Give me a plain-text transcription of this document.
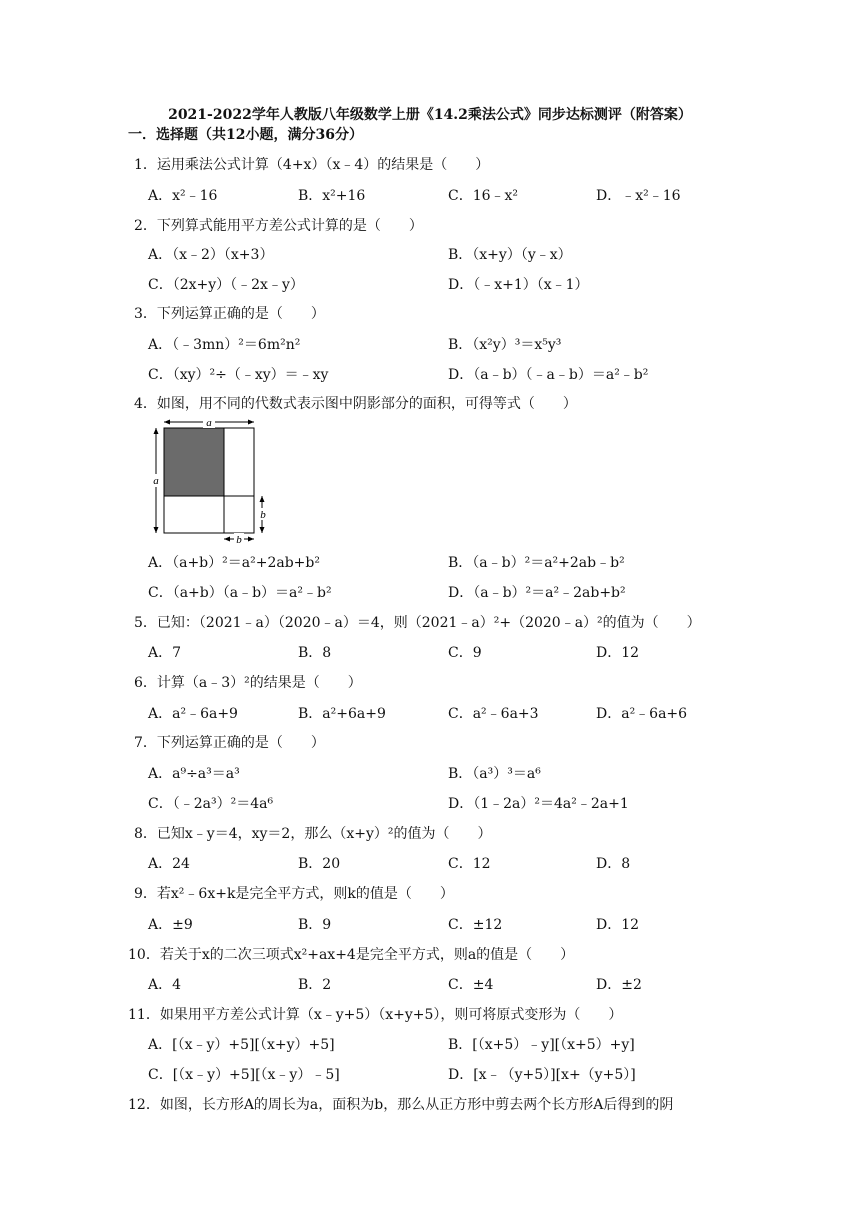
2021-2022学年人教版八年级数学上册《14.2乘法公式》同步达标测评（附答案）
一．选择题（共12小题，满分36分）
1．运用乘法公式计算（4+x）（x﹣4）的结果是（　　）
A．x²﹣16	B．x²+16	C．16﹣x²	D．﹣x²﹣16
2．下列算式能用平方差公式计算的是（　　）
A．（x﹣2）（x+3）	B．（x+y）（y﹣x）
C．（2x+y）（﹣2x﹣y）	D．（﹣x+1）（x﹣1）
3．下列运算正确的是（　　）
A．（﹣3mn）²＝6m²n²	B．（x²y）³＝x⁵y³
C．（xy）²÷（﹣xy）＝﹣xy	D．（a﹣b）（﹣a﹣b）＝a²﹣b²
4．如图，用不同的代数式表示图中阴影部分的面积，可得等式（　　）
a
a
b
b
A．（a+b）²＝a²+2ab+b²	B．（a﹣b）²＝a²+2ab﹣b²
C．（a+b）（a﹣b）＝a²﹣b²	D．（a﹣b）²＝a²﹣2ab+b²
5．已知：（2021﹣a）（2020﹣a）＝4，则（2021﹣a）²+（2020﹣a）²的值为（　　）
A．7	B．8	C．9	D．12
6．计算（a﹣3）²的结果是（　　）
A．a²﹣6a+9	B．a²+6a+9	C．a²﹣6a+3	D．a²﹣6a+6
7．下列运算正确的是（　　）
A．a⁹÷a³＝a³	B．（a³）³＝a⁶
C．（﹣2a³）²＝4a⁶	D．（1﹣2a）²＝4a²﹣2a+1
8．已知x﹣y＝4，xy＝2，那么（x+y）²的值为（　　）
A．24	B．20	C．12	D．8
9．若x²﹣6x+k是完全平方式，则k的值是（　　）
A．±9	B．9	C．±12	D．12
10．若关于x的二次三项式x²+ax+4是完全平方式，则a的值是（　　）
A．4	B．2	C．±4	D．±2
11．如果用平方差公式计算（x﹣y+5）（x+y+5），则可将原式变形为（　　）
A．[（x﹣y）+5][（x+y）+5]	B．[（x+5）﹣y][（x+5）+y]
C．[（x﹣y）+5][（x﹣y）﹣5]	D．[x﹣（y+5）][x+（y+5）]
12．如图，长方形A的周长为a，面积为b，那么从正方形中剪去两个长方形A后得到的阴
